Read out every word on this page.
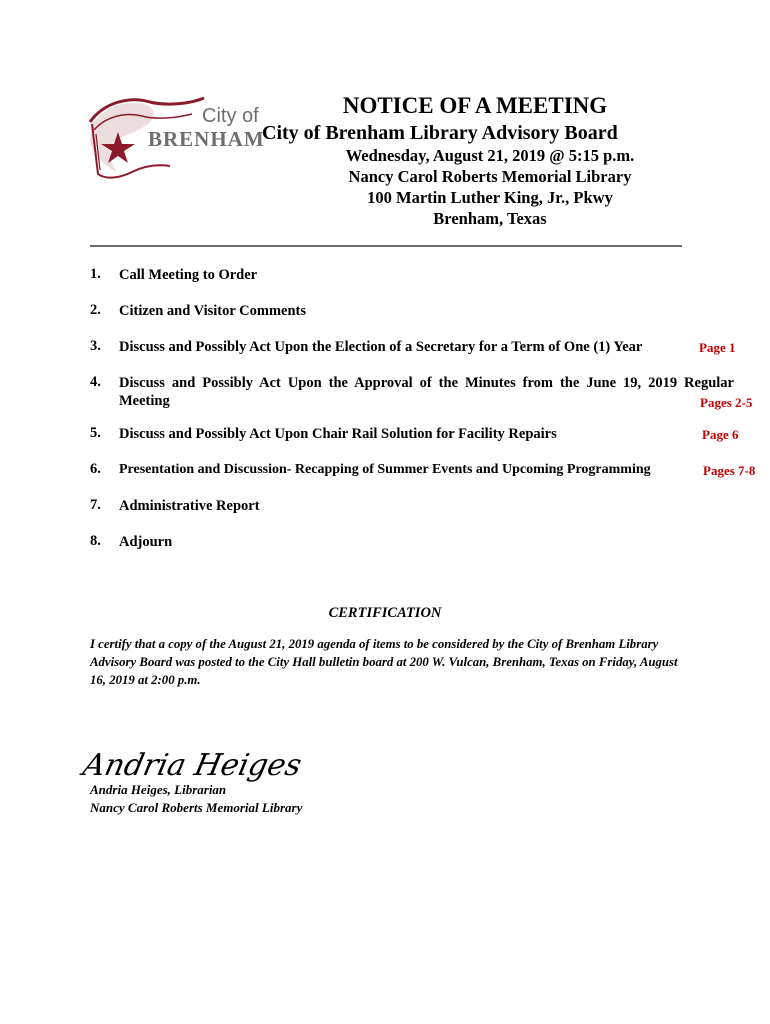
City of
BRENHAM
NOTICE OF A MEETING
City of Brenham Library Advisory Board
Wednesday, August 21, 2019 @ 5:15 p.m.
Nancy Carol Roberts Memorial Library
100 Martin Luther King, Jr., Pkwy
Brenham, Texas
1.	Call Meeting to Order
2.	Citizen and Visitor Comments
3.	Discuss and Possibly Act Upon the Election of a Secretary for a Term of One (1) Year	Page 1
4.	Discuss and Possibly Act Upon the Approval of the Minutes from the June 19, 2019 Regular Meeting	Pages 2-5
5.	Discuss and Possibly Act Upon Chair Rail Solution for Facility Repairs	Page 6
6.	Presentation and Discussion- Recapping of Summer Events and Upcoming Programming	Pages 7-8
7.	Administrative Report
8.	Adjourn
CERTIFICATION
I certify that a copy of the August 21, 2019 agenda of items to be considered by the City of Brenham Library Advisory Board was posted to the City Hall bulletin board at 200 W. Vulcan, Brenham, Texas on Friday, August 16, 2019 at 2:00 p.m.
Andria Heiges
Andria Heiges, Librarian
Nancy Carol Roberts Memorial Library
